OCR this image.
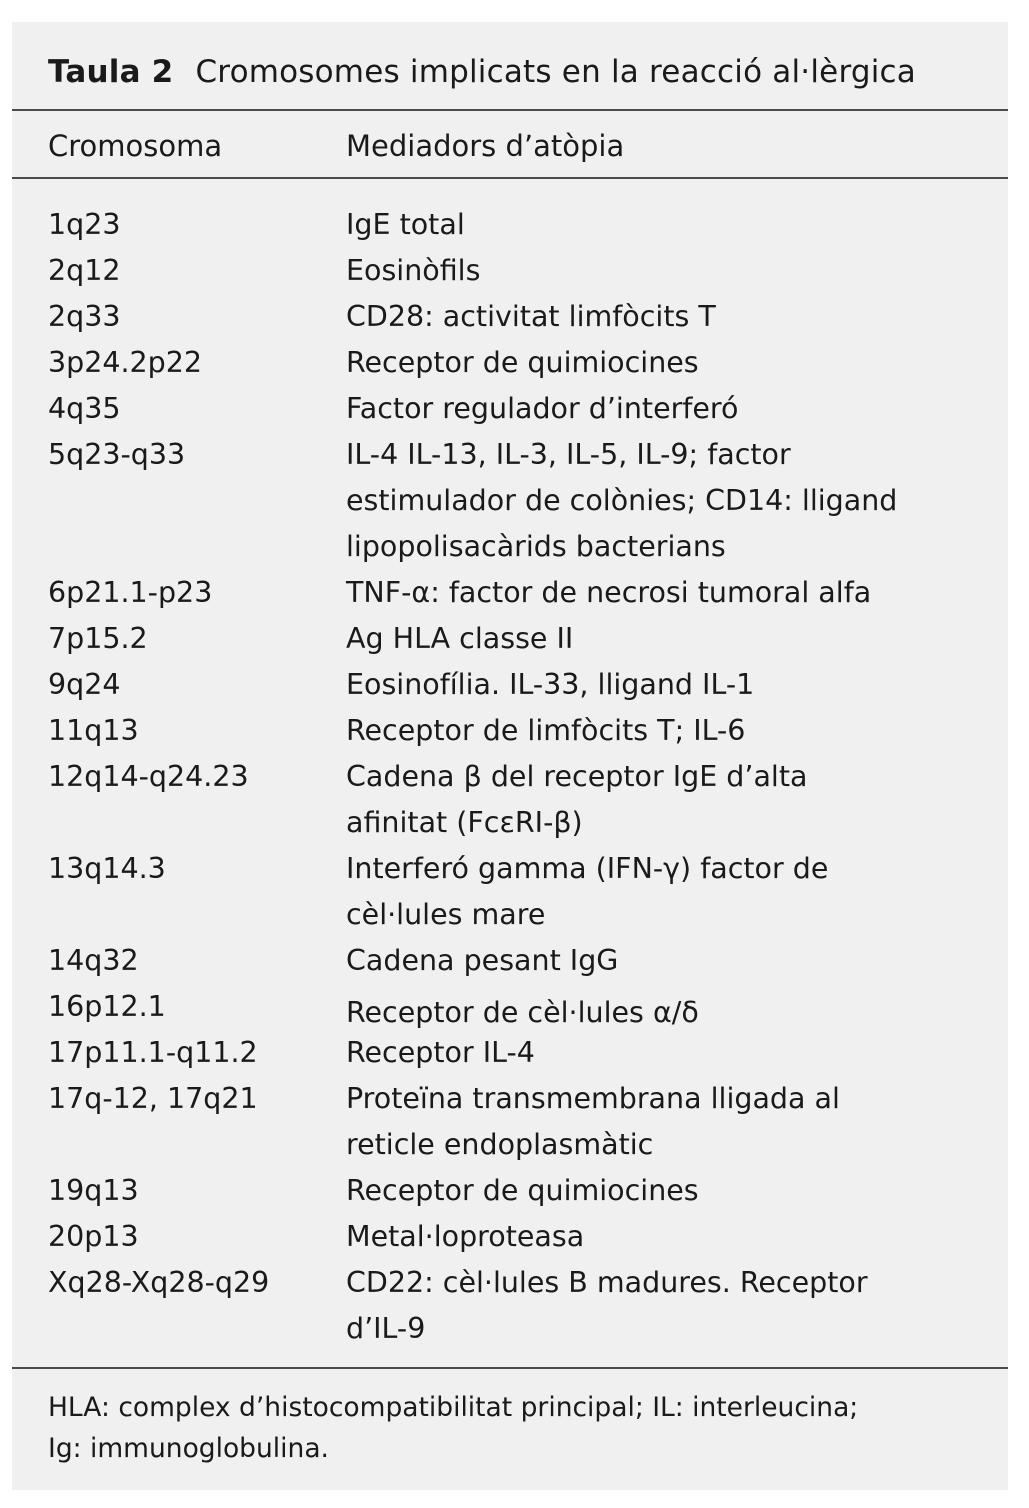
Taula 2 Cromosomes implicats en la reacció al·lèrgica
Cromosoma	Mediadors d’atòpia
1q23	IgE total
2q12	Eosinòfils
2q33	CD28: activitat limfòcits T
3p24.2p22	Receptor de quimiocines
4q35	Factor regulador d’interferó
5q23-q33	IL-4 IL-13, IL-3, IL-5, IL-9; factor
estimulador de colònies; CD14: lligand
lipopolisacàrids bacterians
6p21.1-p23	TNF-α: factor de necrosi tumoral alfa
7p15.2	Ag HLA classe II
9q24	Eosinofília. IL-33, lligand IL-1
11q13	Receptor de limfòcits T; IL-6
12q14-q24.23	Cadena β del receptor IgE d’alta
afinitat (FcεRI-β)
13q14.3	Interferó gamma (IFN-γ) factor de
cèl·lules mare
14q32	Cadena pesant IgG
16p12.1	Receptor de cèl·lules α/δ
17p11.1-q11.2	Receptor IL-4
17q-12, 17q21	Proteïna transmembrana lligada al
reticle endoplasmàtic
19q13	Receptor de quimiocines
20p13	Metal·loproteasa
Xq28-Xq28-q29	CD22: cèl·lules B madures. Receptor
d’IL-9
HLA: complex d’histocompatibilitat principal; IL: interleucina;
Ig: immunoglobulina.
